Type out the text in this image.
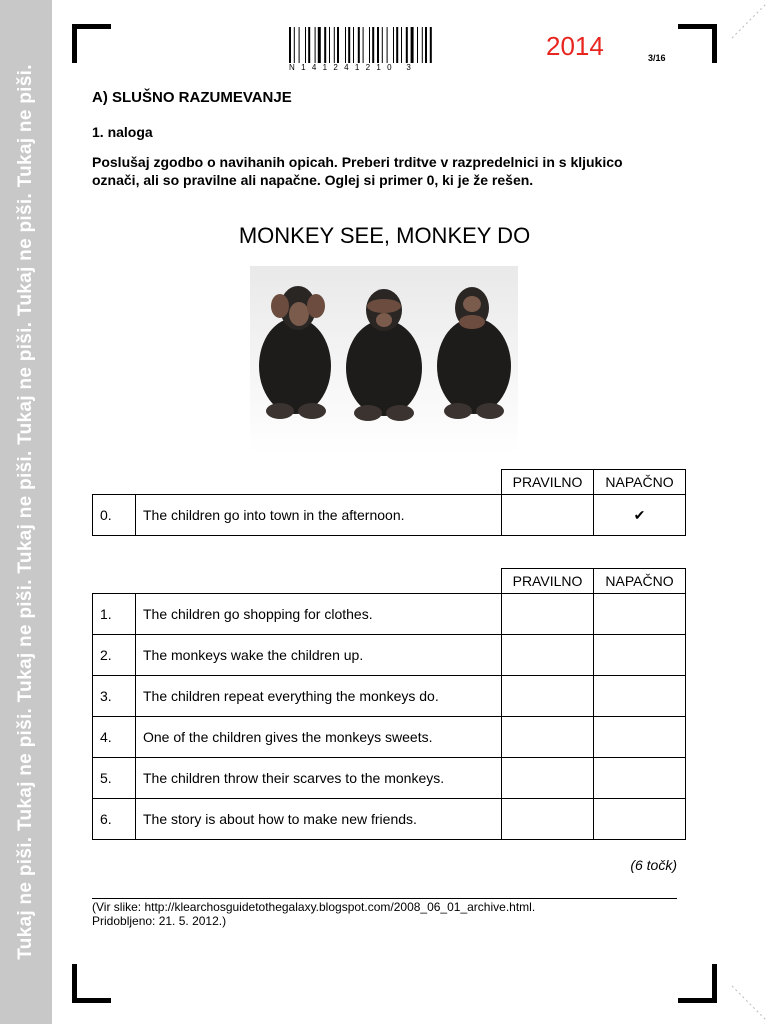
Tukaj ne piši. Tukaj ne piši. Tukaj ne piši. Tukaj ne piši. Tukaj ne piši. Tukaj ne piši. Tukaj ne piši.	N141241210 3
2014	3/16
A) SLUŠNO RAZUMEVANJE
1. naloga
Poslušaj zgodbo o navihanih opicah. Preberi trditve v razpredelnici in s kljukico označi, ali so pravilne ali napačne. Oglej si primer 0, ki je že rešen.
MONKEY SEE, MONKEY DO
		PRAVILNO	NAPAČNO
0.	The children go into town in the afternoon.		✔
		PRAVILNO	NAPAČNO
1.	The children go shopping for clothes.		
2.	The monkeys wake the children up.		
3.	The children repeat everything the monkeys do.		
4.	One of the children gives the monkeys sweets.		
5.	The children throw their scarves to the monkeys.		
6.	The story is about how to make new friends.		
(6 točk)
(Vir slike: http://klearchosguidetothegalaxy.blogspot.com/2008_06_01_archive.html.
Pridobljeno: 21. 5. 2012.)
